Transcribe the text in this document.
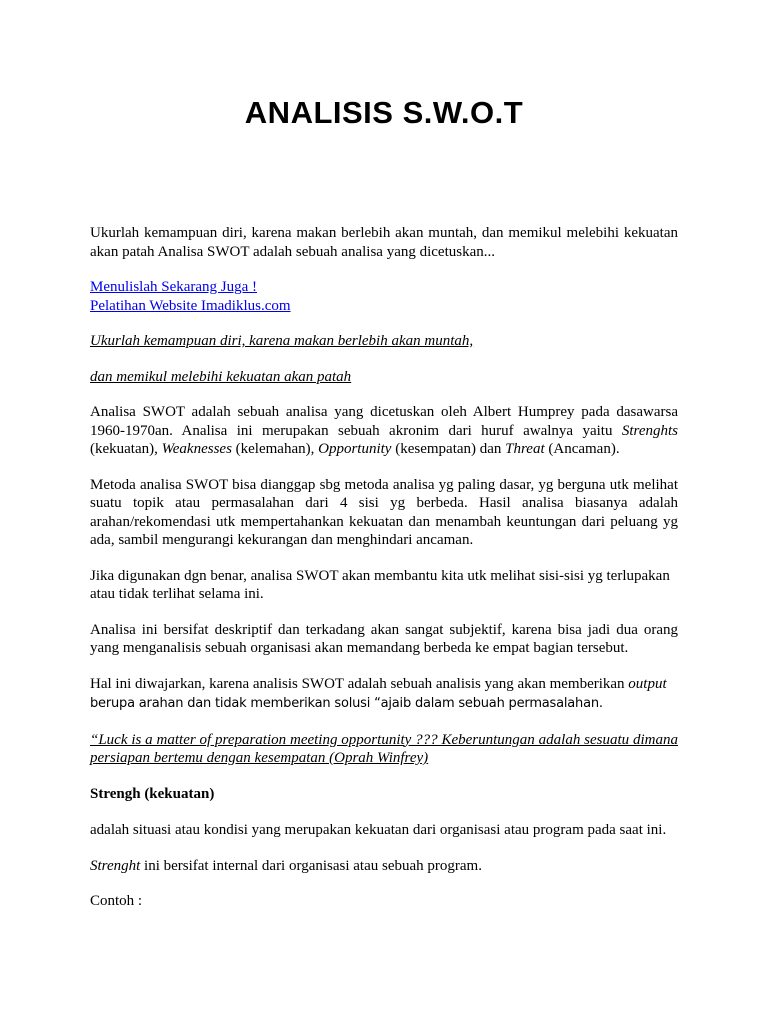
ANALISIS S.W.O.T

Ukurlah kemampuan diri, karena makan berlebih akan muntah, dan memikul melebihi kekuatan akan patah Analisa SWOT adalah sebuah analisa yang dicetuskan...

Menulislah Sekarang Juga !
Pelatihan Website Imadiklus.com

Ukurlah kemampuan diri, karena makan berlebih akan muntah,

dan memikul melebihi kekuatan akan patah

Analisa SWOT adalah sebuah analisa yang dicetuskan oleh Albert Humprey pada dasawarsa 1960-1970an. Analisa ini merupakan sebuah akronim dari huruf awalnya yaitu Strenghts (kekuatan), Weaknesses (kelemahan), Opportunity (kesempatan) dan Threat (Ancaman).

Metoda analisa SWOT bisa dianggap sbg metoda analisa yg paling dasar, yg berguna utk melihat suatu topik atau permasalahan dari 4 sisi yg berbeda. Hasil analisa biasanya adalah arahan/rekomendasi utk mempertahankan kekuatan dan menambah keuntungan dari peluang yg ada, sambil mengurangi kekurangan dan menghindari ancaman.

Jika digunakan dgn benar, analisa SWOT akan membantu kita utk melihat sisi-sisi yg terlupakan atau tidak terlihat selama ini.

Analisa ini bersifat deskriptif dan terkadang akan sangat subjektif, karena bisa jadi dua orang yang menganalisis sebuah organisasi akan memandang berbeda ke empat bagian tersebut.

Hal ini diwajarkan, karena analisis SWOT adalah sebuah analisis yang akan memberikan output berupa arahan dan tidak memberikan solusi “ajaib dalam sebuah permasalahan.

“Luck is a matter of preparation meeting opportunity ??? Keberuntungan adalah sesuatu dimana persiapan bertemu dengan kesempatan (Oprah Winfrey)

Strengh (kekuatan)

adalah situasi atau kondisi yang merupakan kekuatan dari organisasi atau program pada saat ini.

Strenght ini bersifat internal dari organisasi atau sebuah program.

Contoh :
